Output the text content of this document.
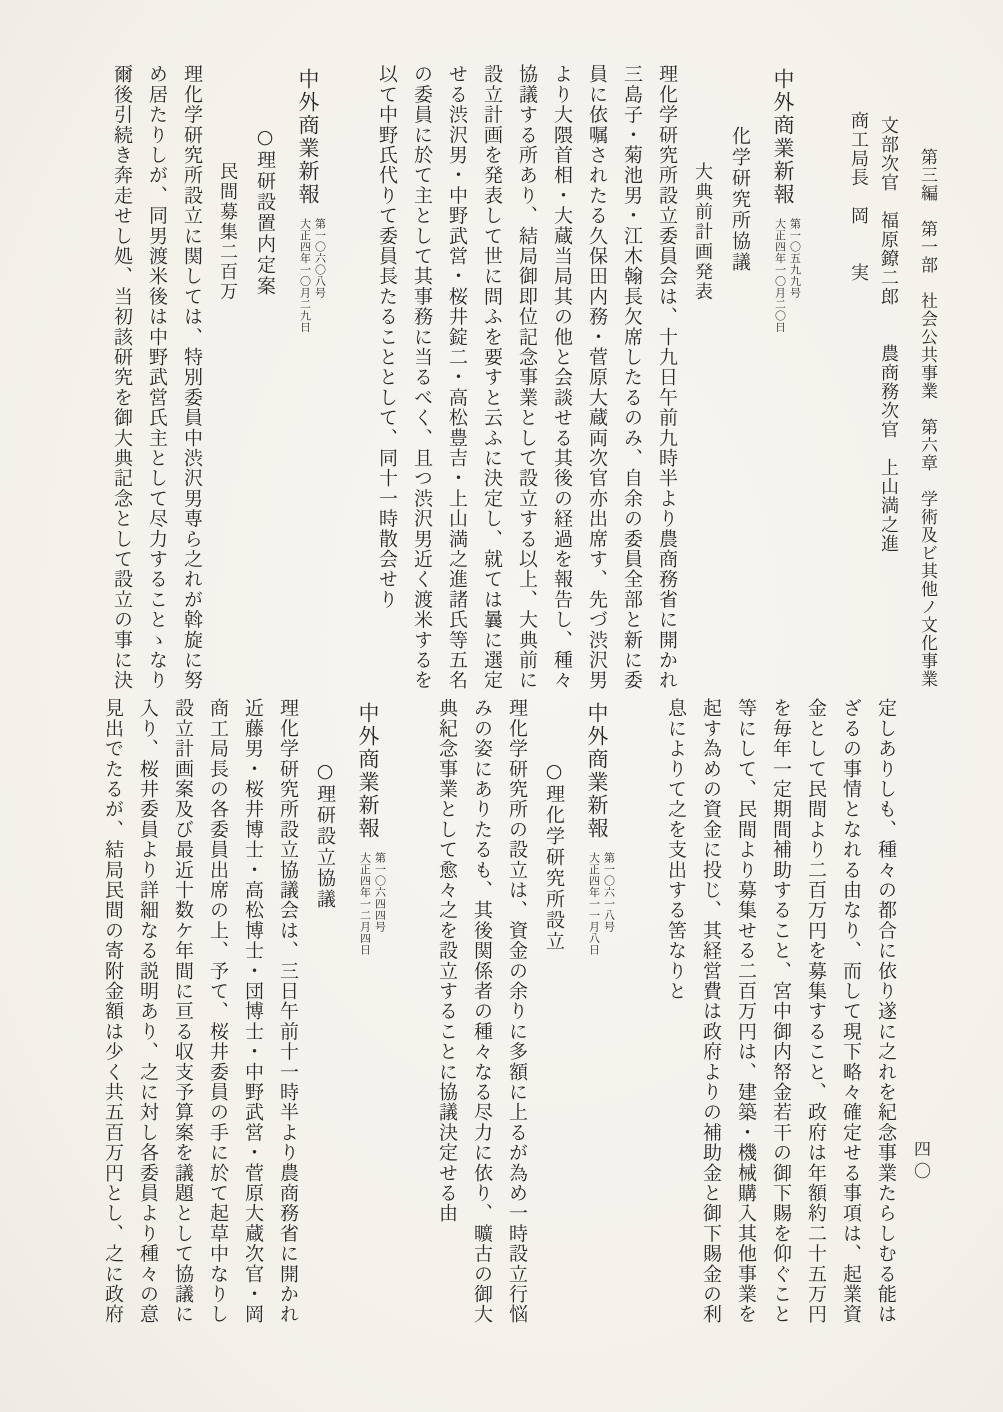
第三編　第一部　社会公共事業　第六章　学術及ビ其他ノ文化事業
文部次官　福原鐐二郎　　農商務次官　上山満之進
商工局長　岡　　実
中外商業新報
第一〇五九九号
大正四年一〇月二〇日
化学研究所協議
大典前計画発表
理化学研究所設立委員会は、十九日午前九時半より農商務省に開かれ
三島子・菊池男・江木翰長欠席したるのみ、自余の委員全部と新に委
員に依嘱されたる久保田内務・菅原大蔵両次官亦出席す、先づ渋沢男
より大隈首相・大蔵当局其の他と会談せる其後の経過を報告し、種々
協議する所あり、結局御即位記念事業として設立する以上、大典前に
設立計画を発表して世に問ふを要すと云ふに決定し、就ては曩に選定
せる渋沢男・中野武営・桜井錠二・高松豊吉・上山満之進諸氏等五名
の委員に於て主として其事務に当るべく、且つ渋沢男近く渡米するを
以て中野氏代りて委員長たることとして、同十一時散会せり
中外商業新報
第一〇六〇八号
大正四年一〇月二九日
○理研設置内定案
民間募集二百万
理化学研究所設立に関しては、特別委員中渋沢男専ら之れが斡旋に努
め居たりしが、同男渡米後は中野武営氏主として尽力することゝなり
爾後引続き奔走せし処、当初該研究を御大典記念として設立の事に決
定しありしも、種々の都合に依り遂に之れを紀念事業たらしむる能は
ざるの事情となれる由なり、而して現下略々確定せる事項は、起業資
金として民間より二百万円を募集すること、政府は年額約二十五万円
を毎年一定期間補助すること、宮中御内帑金若干の御下賜を仰ぐこと
等にして、民間より募集せる二百万円は、建築・機械購入其他事業を
起す為めの資金に投じ、其経営費は政府よりの補助金と御下賜金の利
息によりて之を支出する筈なりと
中外商業新報
第一〇六一八号
大正四年一一月八日
○理化学研究所設立
理化学研究所の設立は、資金の余りに多額に上るが為め一時設立行悩
みの姿にありたるも、其後関係者の種々なる尽力に依り、曠古の御大
典紀念事業として愈々之を設立することに協議決定せる由
中外商業新報
第一〇六四四号
大正四年一二月四日
○理研設立協議
理化学研究所設立協議会は、三日午前十一時半より農商務省に開かれ
近藤男・桜井博士・高松博士・団博士・中野武営・菅原大蔵次官・岡
商工局長の各委員出席の上、予て、桜井委員の手に於て起草中なりし
設立計画案及び最近十数ケ年間に亘る収支予算案を議題として協議に
入り、桜井委員より詳細なる説明あり、之に対し各委員より種々の意
見出でたるが、結局民間の寄附金額は少く共五百万円とし、之に政府	四〇
